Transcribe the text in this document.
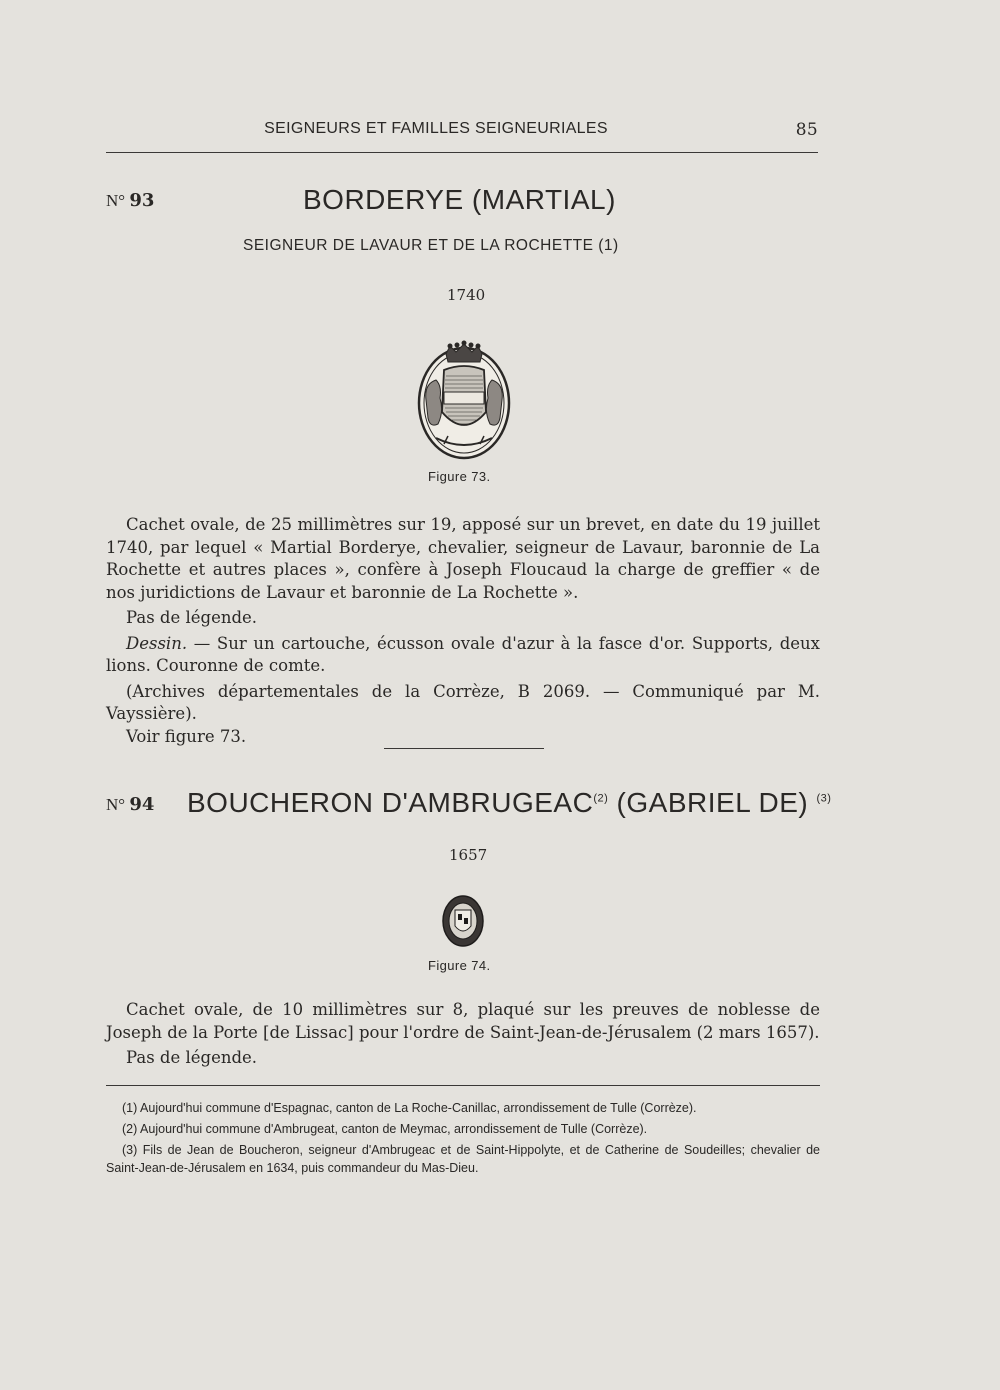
SEIGNEURS ET FAMILLES SEIGNEURIALES	85
N° 93	BORDERYE (MARTIAL)
SEIGNEUR DE LAVAUR ET DE LA ROCHETTE (1)
1740
Figure 73.

Cachet ovale, de 25 millimètres sur 19, apposé sur un brevet, en date du 19 juillet 1740, par lequel « Martial Borderye, chevalier, seigneur de Lavaur, baronnie de La Rochette et autres places », confère à Joseph Floucaud la charge de greffier « de nos juridictions de Lavaur et baronnie de La Rochette ».

Pas de légende.

Dessin. — Sur un cartouche, écusson ovale d'azur à la fasce d'or. Supports, deux lions. Couronne de comte.

(Archives départementales de la Corrèze, B 2069. — Communiqué par M. Vayssière).

Voir figure 73.

N° 94 BOUCHERON D'AMBRUGEAC$^{(2)}$ (GABRIEL DE) $^{(3)}$
1657
Figure 74.

Cachet ovale, de 10 millimètres sur 8, plaqué sur les preuves de noblesse de Joseph de la Porte [de Lissac] pour l'ordre de Saint-Jean-de-Jérusalem (2 mars 1657).

Pas de légende.

(1) Aujourd'hui commune d'Espagnac, canton de La Roche-Canillac, arrondissement de Tulle (Corrèze).

(2) Aujourd'hui commune d'Ambrugeat, canton de Meymac, arrondissement de Tulle (Corrèze).

(3) Fils de Jean de Boucheron, seigneur d'Ambrugeac et de Saint-Hippolyte, et de Catherine de Soudeilles; chevalier de Saint-Jean-de-Jérusalem en 1634, puis commandeur du Mas-Dieu.
